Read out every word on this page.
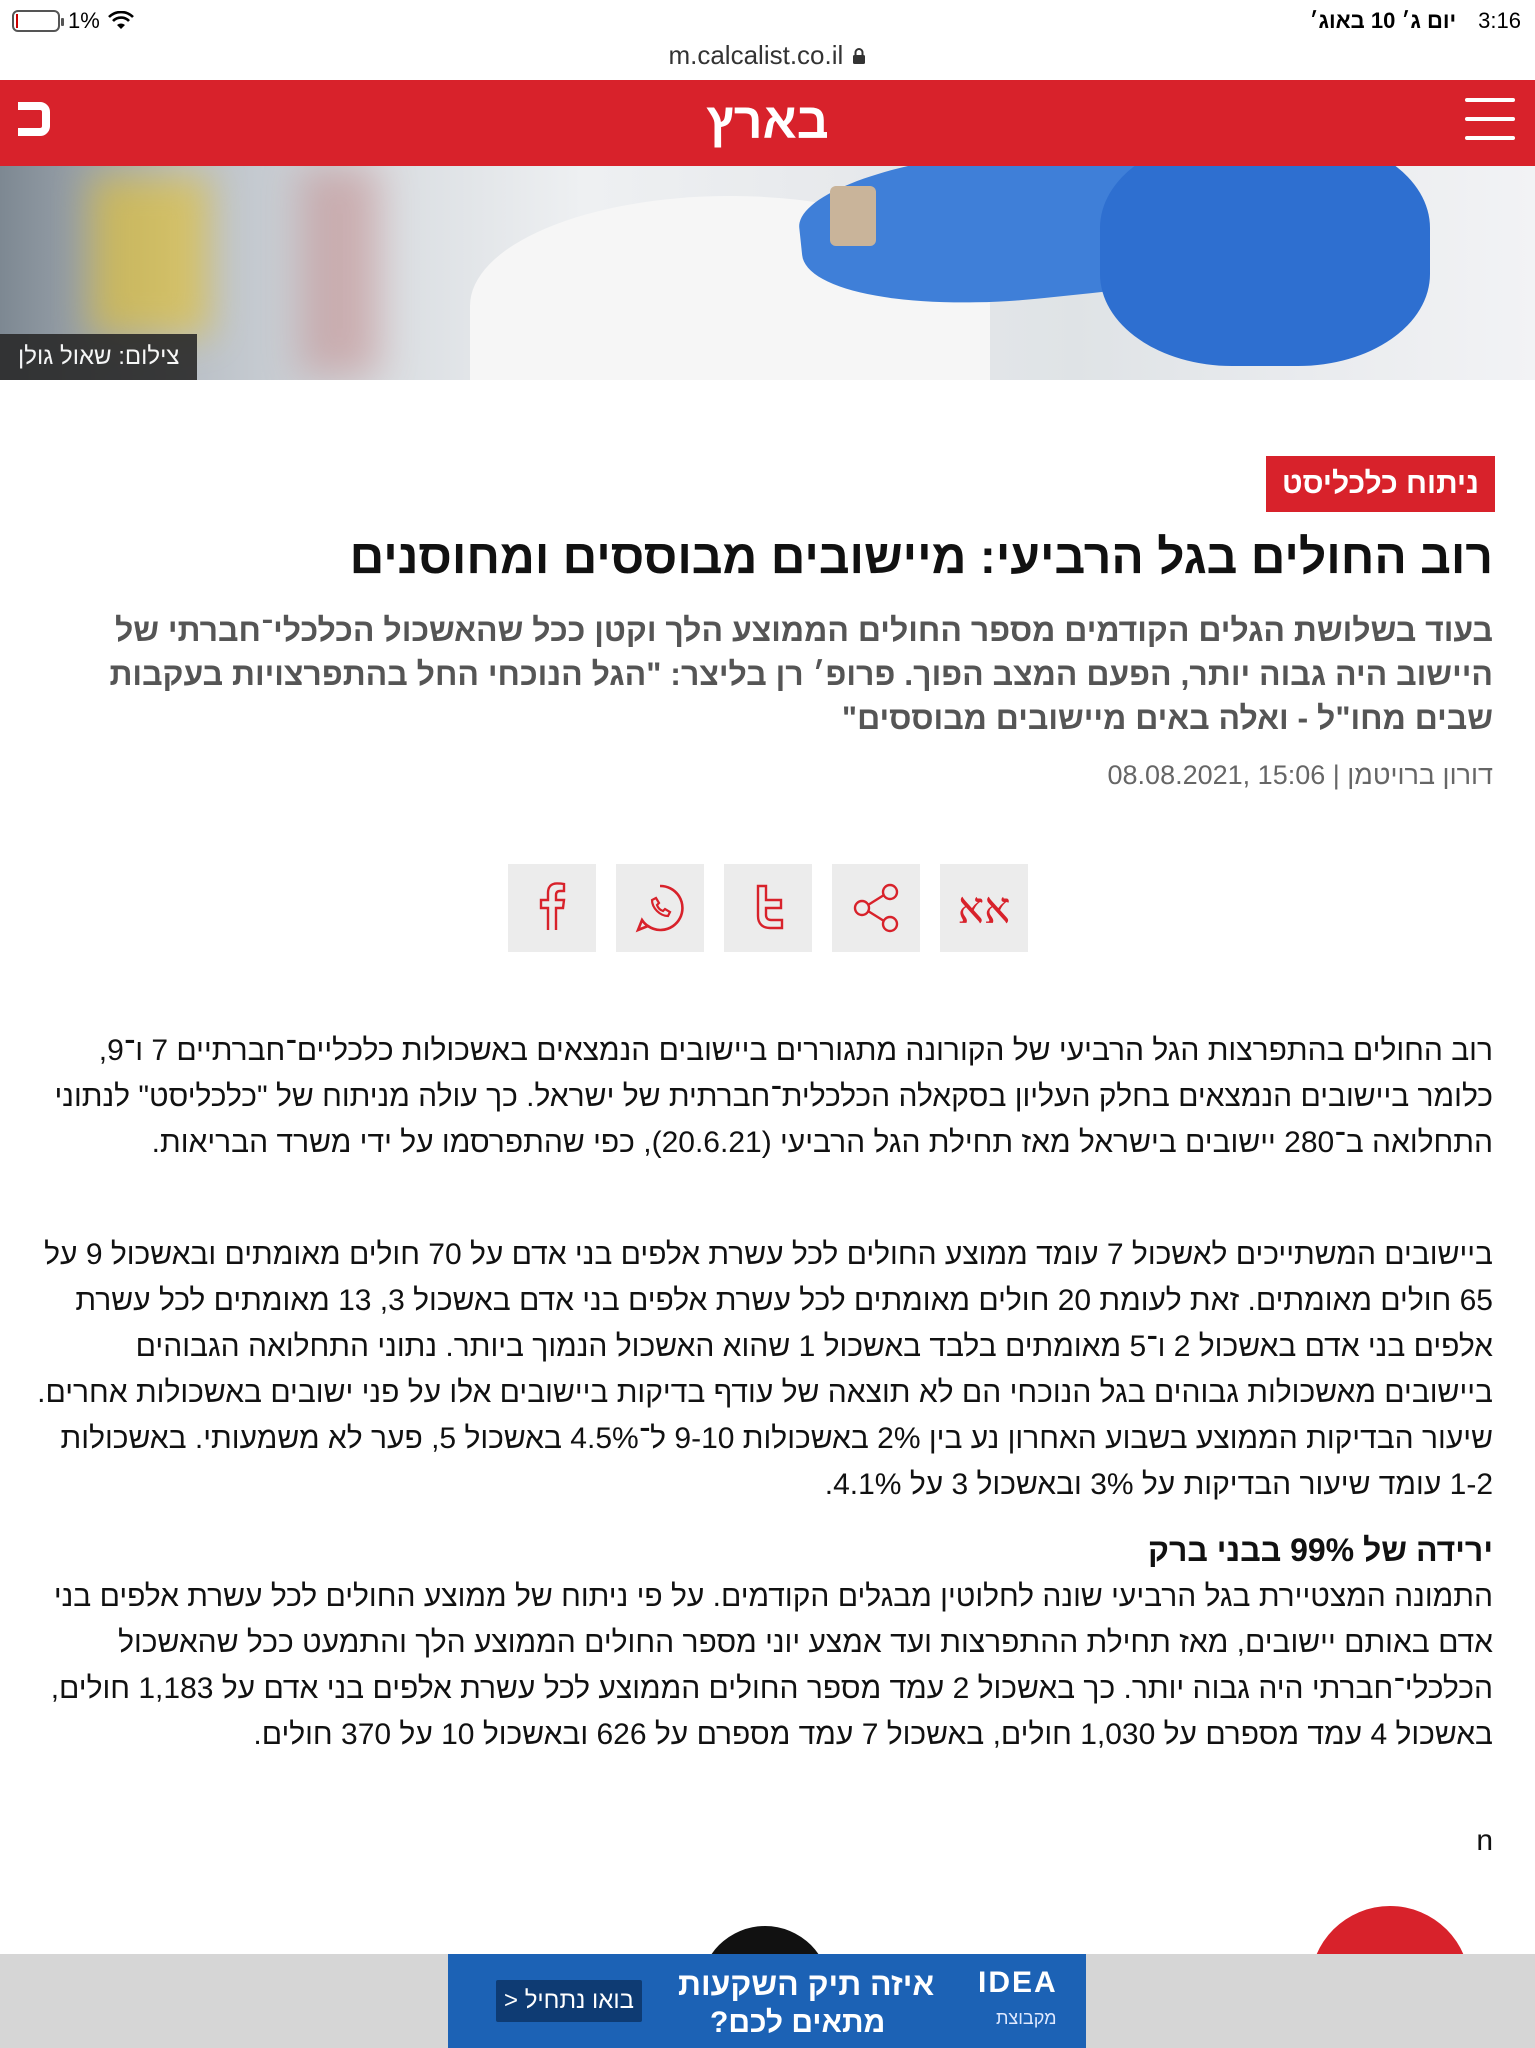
1%	3:16
יום ג׳ 10 באוג׳
m.calcalist.co.il
בארץ
צילום: שאול גולן
ניתוח כלכליסט
רוב החולים בגל הרביעי: מיישובים מבוססים ומחוסנים
בעוד בשלושת הגלים הקודמים מספר החולים הממוצע הלך וקטן ככל שהאשכול הכלכלי־חברתי של היישוב היה גבוה יותר, הפעם המצב הפוך. פרופ׳ רן בליצר: "הגל הנוכחי החל בהתפרצויות בעקבות שבים מחו"ל - ואלה באים מיישובים מבוססים"
דורון ברויטמן | 15:06 ,08.08.2021
אא
רוב החולים בהתפרצות הגל הרביעי של הקורונה מתגוררים ביישובים הנמצאים באשכולות כלכליים־חברתיים 7 ו־9, כלומר ביישובים הנמצאים בחלק העליון בסקאלה הכלכלית־חברתית של ישראל. כך עולה מניתוח של "כלכליסט" לנתוני התחלואה ב־280 יישובים בישראל מאז תחילת הגל הרביעי (20.6.21), כפי שהתפרסמו על ידי משרד הבריאות.
ביישובים המשתייכים לאשכול 7 עומד ממוצע החולים לכל עשרת אלפים בני אדם על 70 חולים מאומתים ובאשכול 9 על 65 חולים מאומתים. זאת לעומת 20 חולים מאומתים לכל עשרת אלפים בני אדם באשכול 3, 13 מאומתים לכל עשרת אלפים בני אדם באשכול 2 ו־5 מאומתים בלבד באשכול 1 שהוא האשכול הנמוך ביותר. נתוני התחלואה הגבוהים ביישובים מאשכולות גבוהים בגל הנוכחי הם לא תוצאה של עודף בדיקות ביישובים אלו על פני ישובים באשכולות אחרים. שיעור הבדיקות הממוצע בשבוע האחרון נע בין 2% באשכולות 9-10 ל־4.5% באשכול 5, פער לא משמעותי. באשכולות 1-2 עומד שיעור הבדיקות על 3% ובאשכול 3 על 4.1%.
ירידה של 99% בבני ברק
התמונה המצטיירת בגל הרביעי שונה לחלוטין מבגלים הקודמים. על פי ניתוח של ממוצע החולים לכל עשרת אלפים בני אדם באותם יישובים, מאז תחילת ההתפרצות ועד אמצע יוני מספר החולים הממוצע הלך והתמעט ככל שהאשכול הכלכלי־חברתי היה גבוה יותר. כך באשכול 2 עמד מספר החולים הממוצע לכל עשרת אלפים בני אדם על 1,183 חולים, באשכול 4 עמד מספרם על 1,030 חולים, באשכול 7 עמד מספרם על 626 ובאשכול 10 על 370 חולים.
n
בואו נתחיל < איזה תיק השקעות
מתאים לכם?
IDEA
מקבוצת
